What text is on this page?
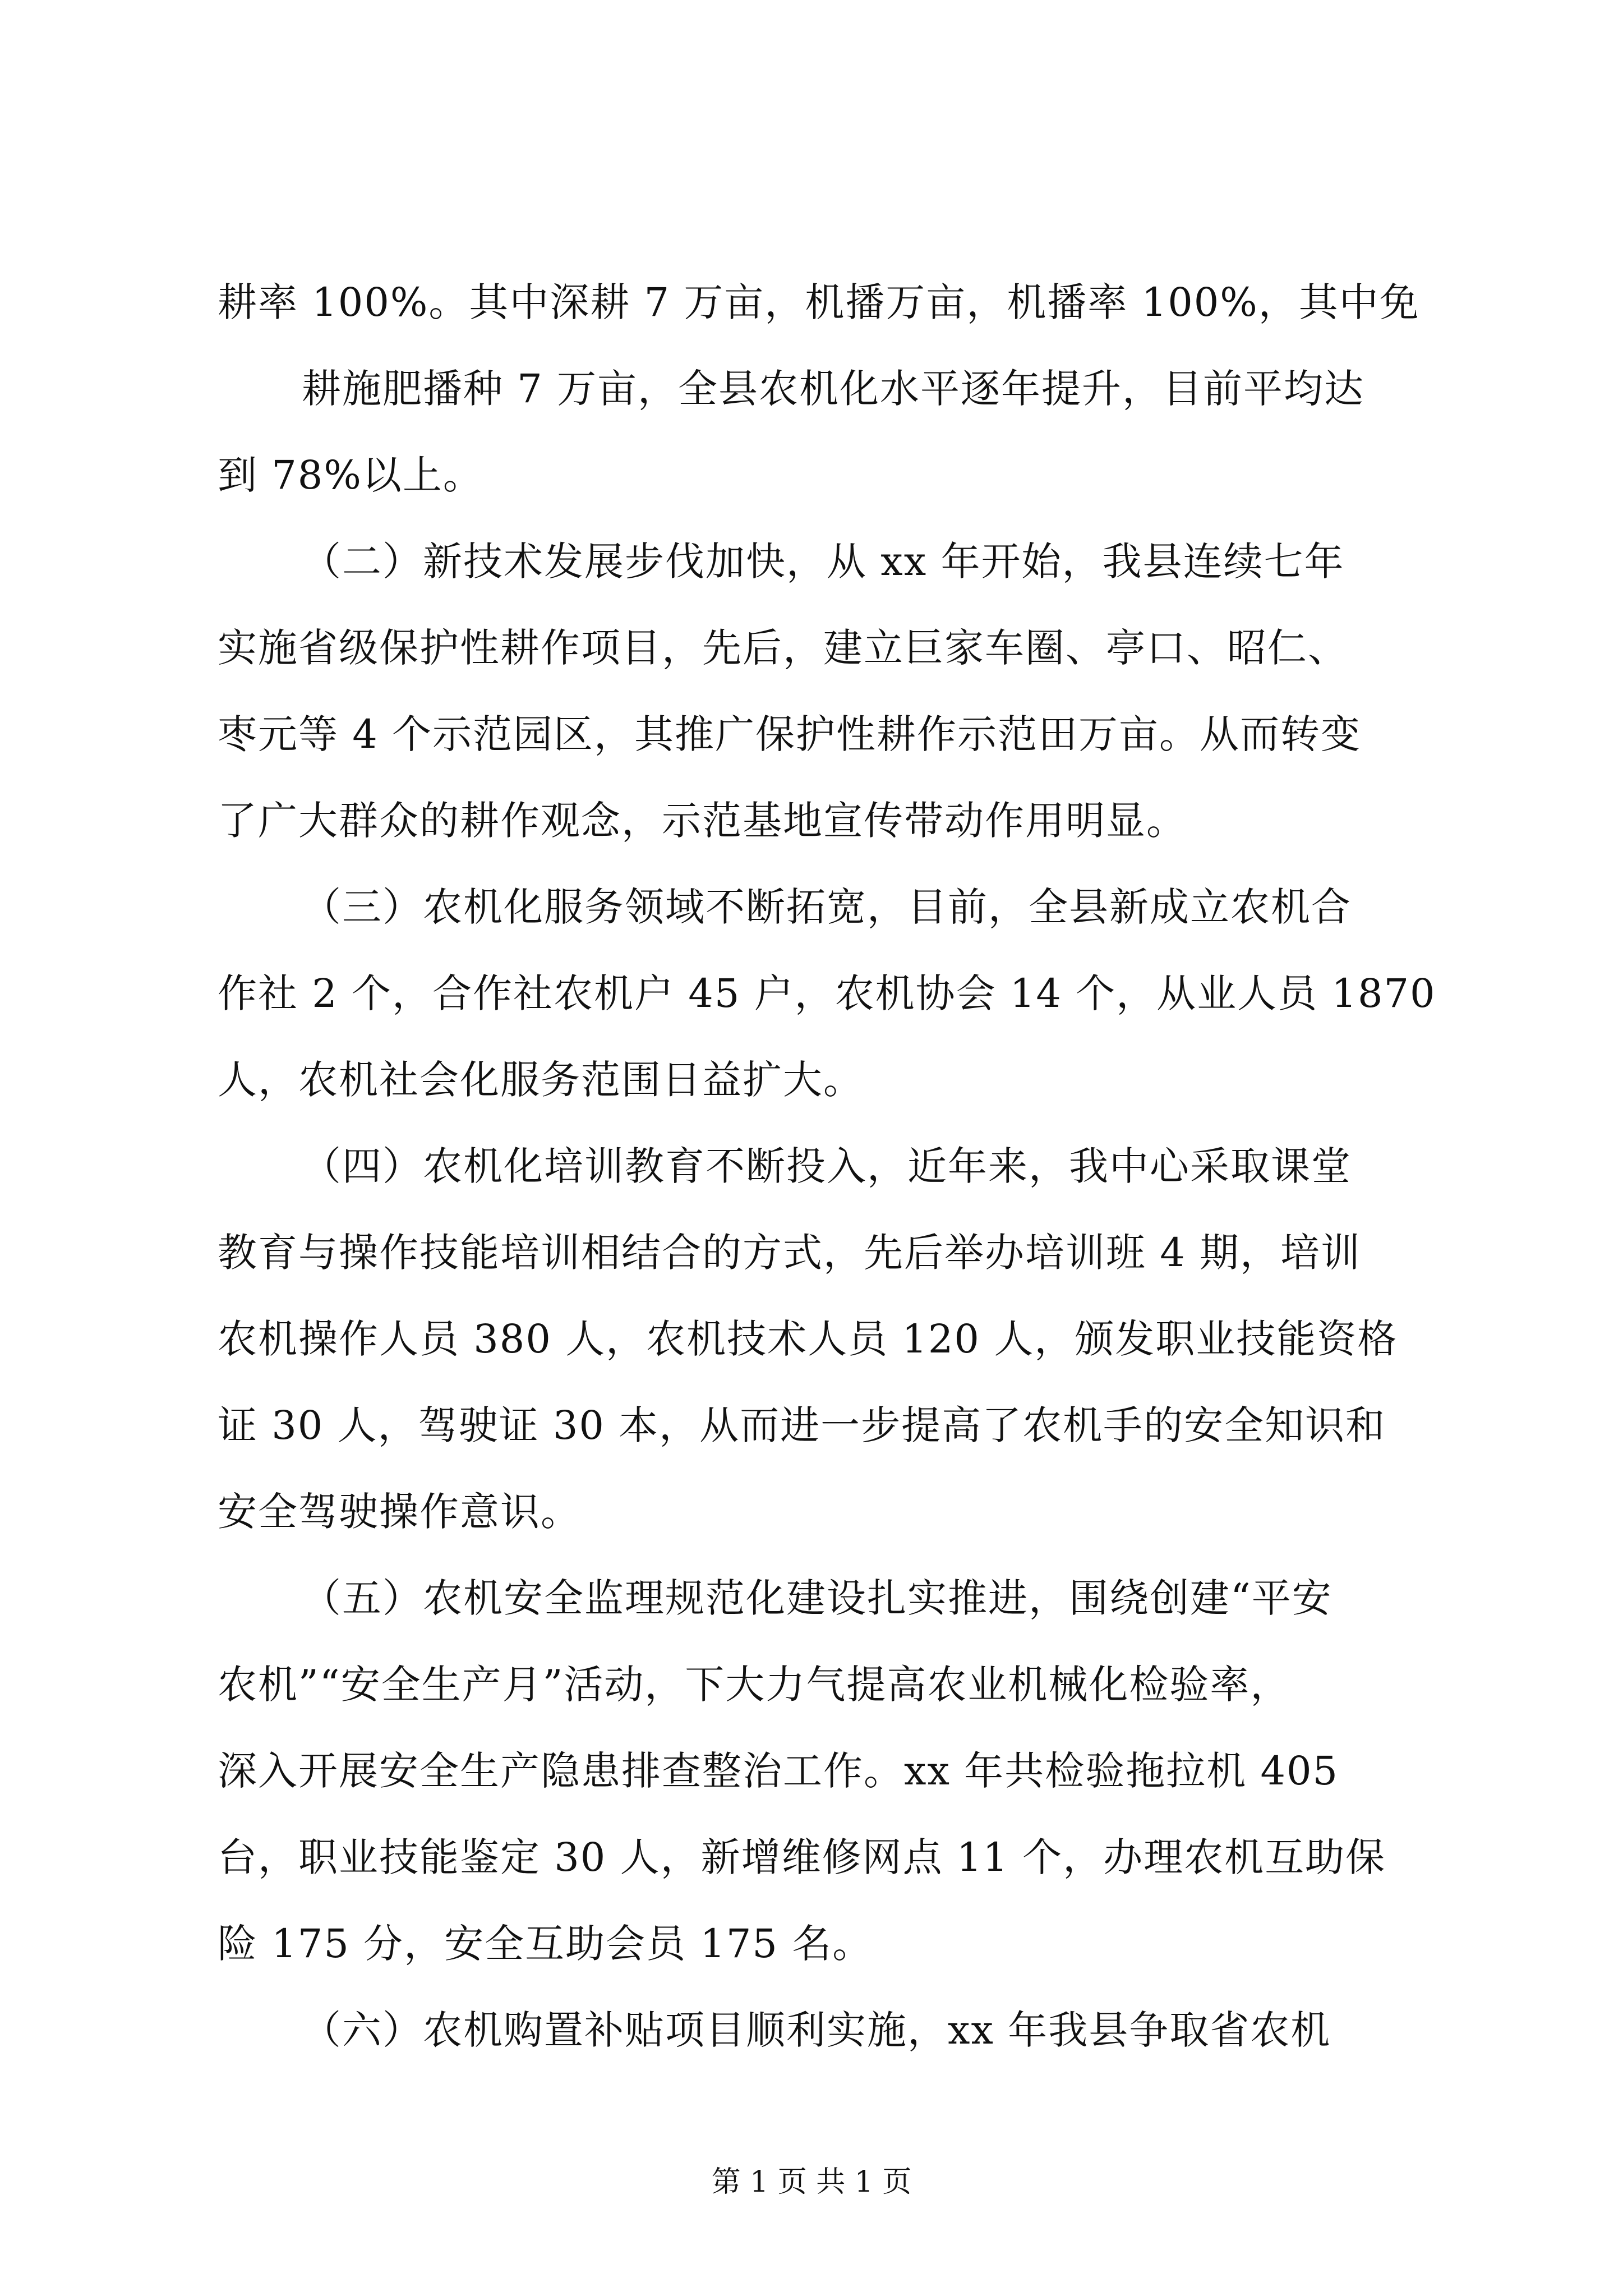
耕率 100%。其中深耕 7 万亩，机播万亩，机播率 100%，其中免
耕施肥播种 7 万亩，全县农机化水平逐年提升，目前平均达
到 78%以上。
（二）新技术发展步伐加快，从 xx 年开始，我县连续七年
实施省级保护性耕作项目，先后，建立巨家车圈、亭口、昭仁、
枣元等 4 个示范园区，其推广保护性耕作示范田万亩。从而转变
了广大群众的耕作观念，示范基地宣传带动作用明显。
（三）农机化服务领域不断拓宽，目前，全县新成立农机合
作社 2 个，合作社农机户 45 户，农机协会 14 个，从业人员 1870
人，农机社会化服务范围日益扩大。
（四）农机化培训教育不断投入，近年来，我中心采取课堂
教育与操作技能培训相结合的方式，先后举办培训班 4 期，培训
农机操作人员 380 人，农机技术人员 120 人，颁发职业技能资格
证 30 人，驾驶证 30 本，从而进一步提高了农机手的安全知识和
安全驾驶操作意识。
（五）农机安全监理规范化建设扎实推进，围绕创建“平安
农机”“安全生产月”活动，下大力气提高农业机械化检验率，
深入开展安全生产隐患排查整治工作。xx 年共检验拖拉机 405
台，职业技能鉴定 30 人，新增维修网点 11 个，办理农机互助保
险 175 分，安全互助会员 175 名。
（六）农机购置补贴项目顺利实施，xx 年我县争取省农机
第 1 页 共 1 页
